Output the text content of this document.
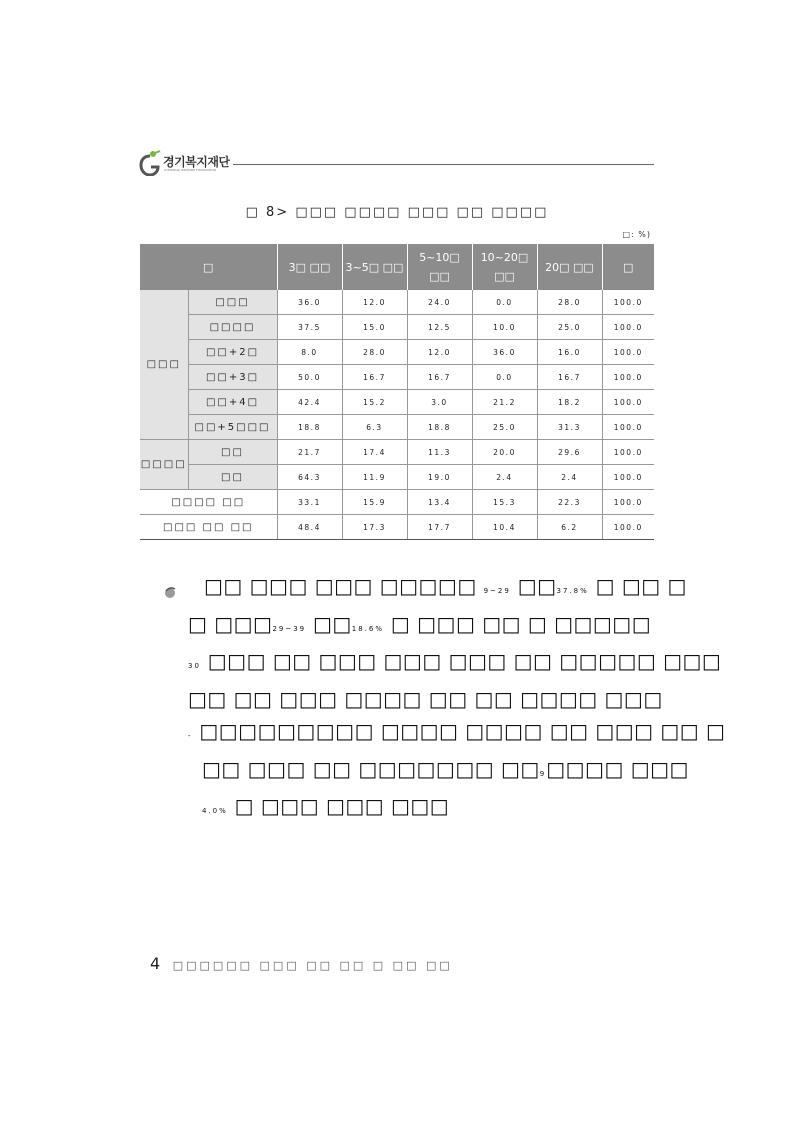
경기복지재단
GYEONGGI WELFARE FOUNDATION
□ 8> □□□ □□□□ □□□ □□ □□□□
□: %)
□		3□ □□	3~5□ □□	5~10□ □□	10~20□ □□	20□ □□	□
□□□	□□□	36.0	12.0	24.0	0.0	28.0	100.0
	□□□□	37.5	15.0	12.5	10.0	25.0	100.0
	□□+2□	8.0	28.0	12.0	36.0	16.0	100.0
	□□+3□	50.0	16.7	16.7	0.0	16.7	100.0
	□□+4□	42.4	15.2	3.0	21.2	18.2	100.0
	□□+5□□□	18.8	6.3	18.8	25.0	31.3	100.0
□□□□	□□	21.7	17.4	11.3	20.0	29.6	100.0
	□□	64.3	11.9	19.0	2.4	2.4	100.0
□□□□ □□		33.1	15.9	13.4	15.3	22.3	100.0
□□□ □□ □□		48.4	17.3	17.7	10.4	6.2	100.0
□□ □□□ □□□ □□□□□ 9~29 □□37.8% □ □□ □
□ □□□29~39 □□18.6% □ □□□ □□ □ □□□□□
30 □□□ □□ □□□ □□□ □□□ □□ □□□□□ □□□
□□ □□ □□□ □□□□ □□ □□ □□□□ □□□
- □□□□□□□□□ □□□□ □□□□ □□ □□□ □□ □
□□ □□□ □□ □□□□□□□ □□9□□□□ □□□
4.0% □ □□□ □□□ □□□
4 □□□□□□ □□□ □□ □□ □ □□ □□
